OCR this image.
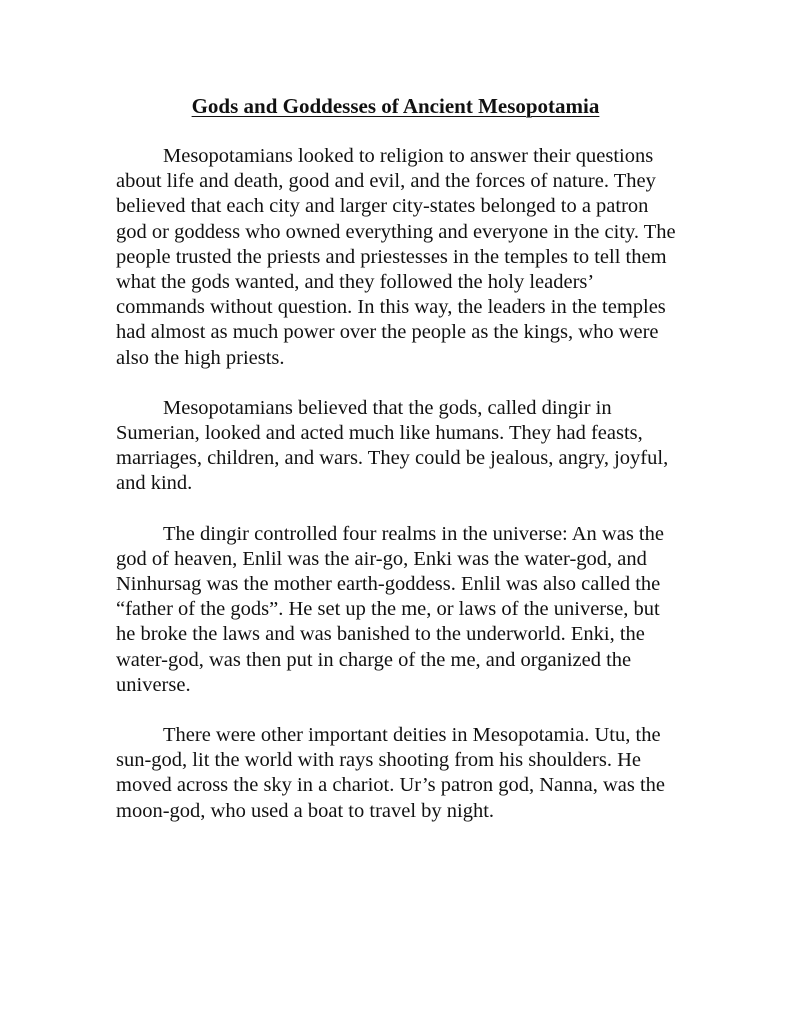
Gods and Goddesses of Ancient Mesopotamia

Mesopotamians looked to religion to answer their questions about life and death, good and evil, and the forces of nature. They believed that each city and larger city-states belonged to a patron god or goddess who owned everything and everyone in the city. The people trusted the priests and priestesses in the temples to tell them what the gods wanted, and they followed the holy leaders’ commands without question. In this way, the leaders in the temples had almost as much power over the people as the kings, who were also the high priests.

Mesopotamians believed that the gods, called dingir in Sumerian, looked and acted much like humans. They had feasts, marriages, children, and wars. They could be jealous, angry, joyful, and kind.

The dingir controlled four realms in the universe: An was the god of heaven, Enlil was the air-go, Enki was the water-god, and Ninhursag was the mother earth-goddess. Enlil was also called the “father of the gods”. He set up the me, or laws of the universe, but he broke the laws and was banished to the underworld. Enki, the water-god, was then put in charge of the me, and organized the universe.

There were other important deities in Mesopotamia. Utu, the sun-god, lit the world with rays shooting from his shoulders. He moved across the sky in a chariot. Ur’s patron god, Nanna, was the moon-god, who used a boat to travel by night.
